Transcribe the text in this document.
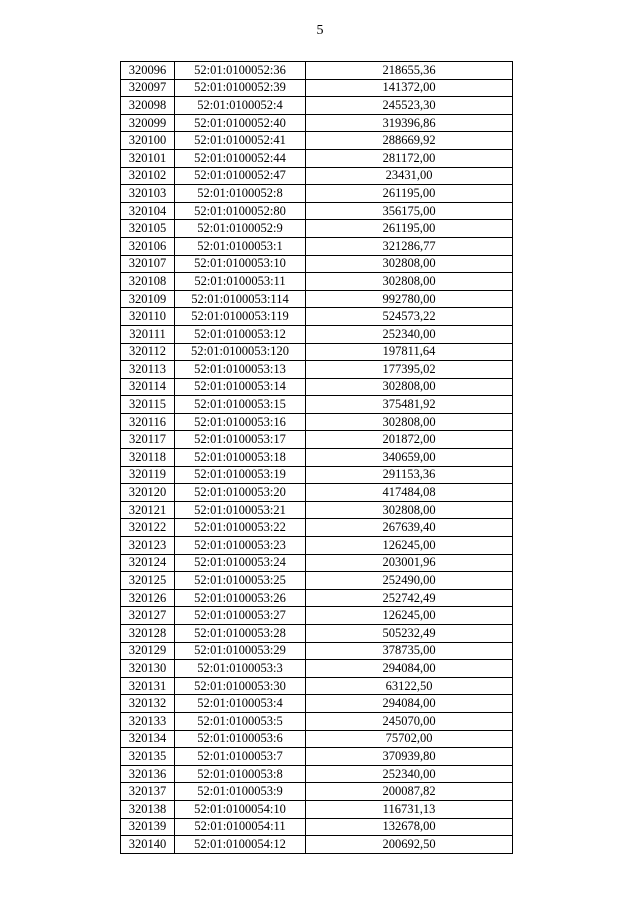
5
320096	52:01:0100052:36	218655,36
320097	52:01:0100052:39	141372,00
320098	52:01:0100052:4	245523,30
320099	52:01:0100052:40	319396,86
320100	52:01:0100052:41	288669,92
320101	52:01:0100052:44	281172,00
320102	52:01:0100052:47	23431,00
320103	52:01:0100052:8	261195,00
320104	52:01:0100052:80	356175,00
320105	52:01:0100052:9	261195,00
320106	52:01:0100053:1	321286,77
320107	52:01:0100053:10	302808,00
320108	52:01:0100053:11	302808,00
320109	52:01:0100053:114	992780,00
320110	52:01:0100053:119	524573,22
320111	52:01:0100053:12	252340,00
320112	52:01:0100053:120	197811,64
320113	52:01:0100053:13	177395,02
320114	52:01:0100053:14	302808,00
320115	52:01:0100053:15	375481,92
320116	52:01:0100053:16	302808,00
320117	52:01:0100053:17	201872,00
320118	52:01:0100053:18	340659,00
320119	52:01:0100053:19	291153,36
320120	52:01:0100053:20	417484,08
320121	52:01:0100053:21	302808,00
320122	52:01:0100053:22	267639,40
320123	52:01:0100053:23	126245,00
320124	52:01:0100053:24	203001,96
320125	52:01:0100053:25	252490,00
320126	52:01:0100053:26	252742,49
320127	52:01:0100053:27	126245,00
320128	52:01:0100053:28	505232,49
320129	52:01:0100053:29	378735,00
320130	52:01:0100053:3	294084,00
320131	52:01:0100053:30	63122,50
320132	52:01:0100053:4	294084,00
320133	52:01:0100053:5	245070,00
320134	52:01:0100053:6	75702,00
320135	52:01:0100053:7	370939,80
320136	52:01:0100053:8	252340,00
320137	52:01:0100053:9	200087,82
320138	52:01:0100054:10	116731,13
320139	52:01:0100054:11	132678,00
320140	52:01:0100054:12	200692,50
